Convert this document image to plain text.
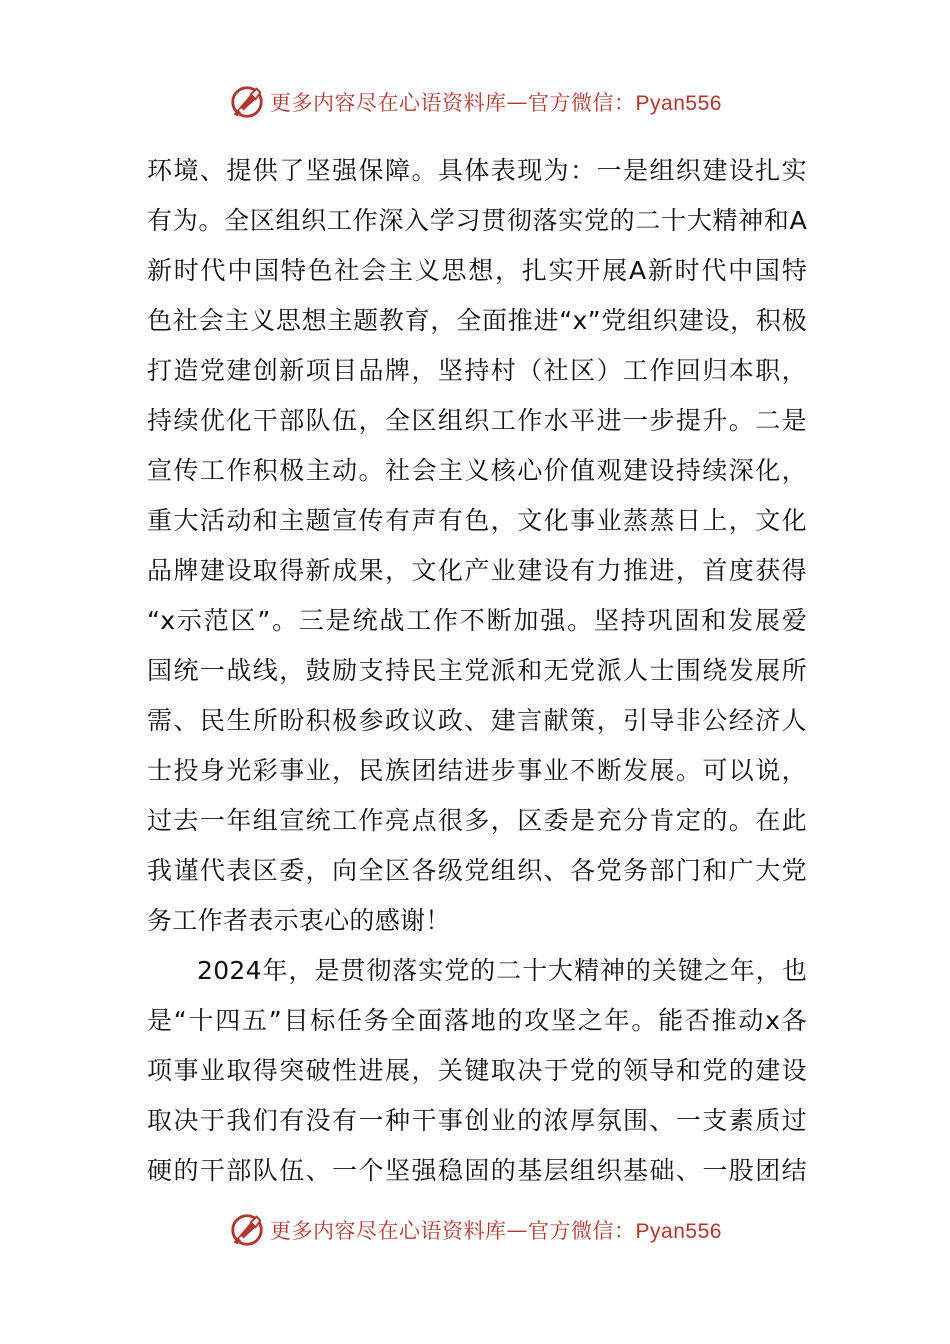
更多内容尽在心语资料库 — 官方微信：Pyan556
环境、提供了坚强保障。具体表现为：一是组织建设扎实
有为。全区组织工作深入学习贯彻落实党的二十大精神和A
新时代中国特色社会主义思想，扎实开展A新时代中国特
色社会主义思想主题教育，全面推进“x”党组织建设，积极
打造党建创新项目品牌，坚持村（社区）工作回归本职，
持续优化干部队伍，全区组织工作水平进一步提升。二是
宣传工作积极主动。社会主义核心价值观建设持续深化，
重大活动和主题宣传有声有色，文化事业蒸蒸日上，文化
品牌建设取得新成果，文化产业建设有力推进，首度获得
“x示范区”。三是统战工作不断加强。坚持巩固和发展爱
国统一战线，鼓励支持民主党派和无党派人士围绕发展所
需、民生所盼积极参政议政、建言献策，引导非公经济人
士投身光彩事业，民族团结进步事业不断发展。可以说，
过去一年组宣统工作亮点很多，区委是充分肯定的。在此
我谨代表区委，向全区各级党组织、各党务部门和广大党
务工作者表示衷心的感谢！
2024年，是贯彻落实党的二十大精神的关键之年，也
是“十四五”目标任务全面落地的攻坚之年。能否推动x各
项事业取得突破性进展，关键取决于党的领导和党的建设
取决于我们有没有一种干事创业的浓厚氛围、一支素质过
硬的干部队伍、一个坚强稳固的基层组织基础、一股团结
更多内容尽在心语资料库 — 官方微信：Pyan556
